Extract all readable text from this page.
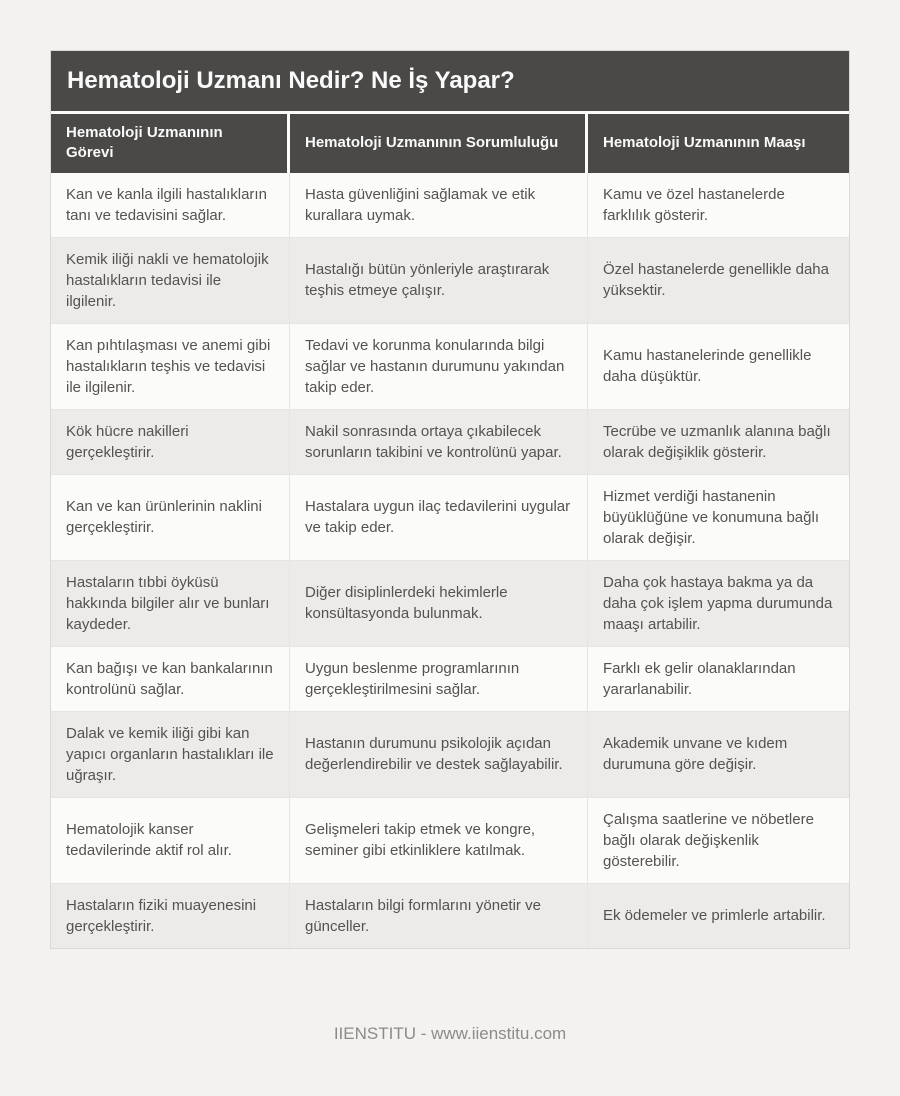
Hematoloji Uzmanı Nedir? Ne İş Yapar?
Hematoloji Uzmanının Görevi
Hematoloji Uzmanının Sorumluluğu	Hematoloji Uzmanının Maaşı
Kan ve kanla ilgili hastalıkların tanı ve tedavisini sağlar.
Hasta güvenliğini sağlamak ve etik kurallara uymak.
Kamu ve özel hastanelerde farklılık gösterir.
Kemik iliği nakli ve hematolojik hastalıkların tedavisi ile ilgilenir.
Hastalığı bütün yönleriyle araştırarak teşhis etmeye çalışır.
Özel hastanelerde genellikle daha yüksektir.
Kan pıhtılaşması ve anemi gibi hastalıkların teşhis ve tedavisi ile ilgilenir.
Tedavi ve korunma konularında bilgi sağlar ve hastanın durumunu yakından takip eder.
Kamu hastanelerinde genellikle daha düşüktür.
Kök hücre nakilleri gerçekleştirir.
Nakil sonrasında ortaya çıkabilecek sorunların takibini ve kontrolünü yapar.
Tecrübe ve uzmanlık alanına bağlı olarak değişiklik gösterir.
Kan ve kan ürünlerinin naklini gerçekleştirir.
Hastalara uygun ilaç tedavilerini uygular ve takip eder.
Hizmet verdiği hastanenin büyüklüğüne ve konumuna bağlı olarak değişir.
Hastaların tıbbi öyküsü hakkında bilgiler alır ve bunları kaydeder.
Diğer disiplinlerdeki hekimlerle konsültasyonda bulunmak.
Daha çok hastaya bakma ya da daha çok işlem yapma durumunda maaşı artabilir.
Kan bağışı ve kan bankalarının kontrolünü sağlar.
Uygun beslenme programlarının gerçekleştirilmesini sağlar.
Farklı ek gelir olanaklarından yararlanabilir.
Dalak ve kemik iliği gibi kan yapıcı organların hastalıkları ile uğraşır.
Hastanın durumunu psikolojik açıdan değerlendirebilir ve destek sağlayabilir.
Akademik unvane ve kıdem durumuna göre değişir.
Hematolojik kanser tedavilerinde aktif rol alır.
Gelişmeleri takip etmek ve kongre, seminer gibi etkinliklere katılmak.
Çalışma saatlerine ve nöbetlere bağlı olarak değişkenlik gösterebilir.
Hastaların fiziki muayenesini gerçekleştirir.
Hastaların bilgi formlarını yönetir ve günceller.
Ek ödemeler ve primlerle artabilir.
IIENSTITU - www.iienstitu.com
